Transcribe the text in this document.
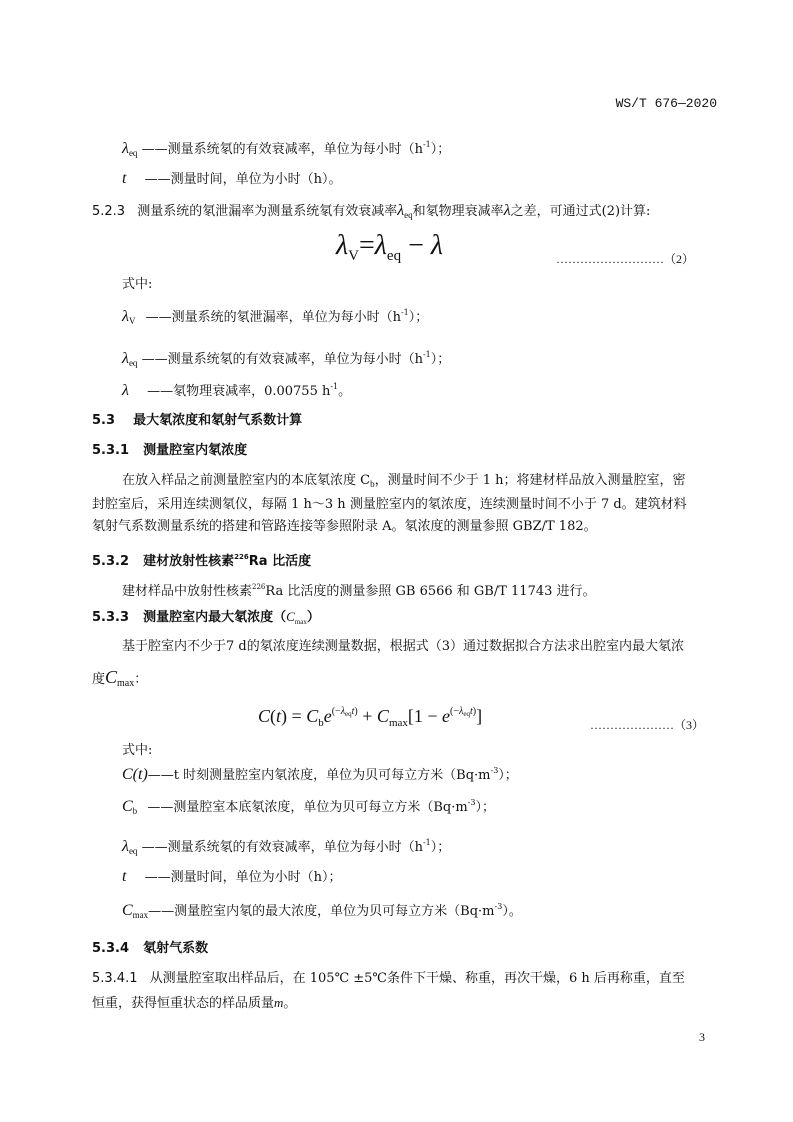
WS/T 676—2020
$\lambda_{eq}$ ——测量系统氡的有效衰减率，单位为每小时$(h^{-1})$；
t ——测量时间，单位为小时（h）。
5.2.3 测量系统的氡泄漏率为测量系统氡有效衰减率$\lambda_{eq}$和氡物理衰减率λ之差，可通过式(2)计算:
$\lambda_V=\lambda_{eq} - \lambda$	………………………（2）
式中:
$\lambda_V$ ——测量系统的氡泄漏率，单位为每小时$(h^{-1})$；
$\lambda_{eq}$ ——测量系统氡的有效衰减率，单位为每小时$(h^{-1})$；
λ ——氡物理衰减率，0.00755 $h^{-1}$。
5.3 最大氡浓度和氡射气系数计算
5.3.1 测量腔室内氡浓度
在放入样品之前测量腔室内的本底氡浓度 $C_b$，测量时间不少于 1 h；将建材样品放入测量腔室，密
封腔室后，采用连续测氡仪，每隔 1 h～3 h 测量腔室内的氡浓度，连续测量时间不小于 7 d。建筑材料
氡射气系数测量系统的搭建和管路连接等参照附录 A。氡浓度的测量参照 GBZ/T 182。
5.3.2 建材放射性核素$^{226}$Ra 比活度
建材样品中放射性核素$^{226}$Ra 比活度的测量参照 GB 6566 和 GB/T 11743 进行。
5.3.3 测量腔室内最大氡浓度$(C_{max})$
基于腔室内不少于7 d的氡浓度连续测量数据，根据式（3）通过数据拟合方法求出腔室内最大氡浓
度$C_{max}$：
$C(t) = C_be^{(-\lambda_{eq}t)} + C_{max}[1 - e^{(-\lambda_{eq}t)}]$	…………………（3）
式中:
C(t)——t 时刻测量腔室内氡浓度，单位为贝可每立方米$(Bq\cdot m^{-3})$；
$C_b$ ——测量腔室本底氡浓度，单位为贝可每立方米$(Bq\cdot m^{-3})$；
$\lambda_{eq}$ ——测量系统氡的有效衰减率，单位为每小时$(h^{-1})$；
t ——测量时间，单位为小时（h）；
$C_{max}——$测量腔室内氡的最大浓度，单位为贝可每立方米$(Bq\cdot m^{-3})$。
5.3.4 氡射气系数
5.3.4.1 从测量腔室取出样品后，在 105℃ ±5℃条件下干燥、称重，再次干燥，6 h 后再称重，直至
恒重，获得恒重状态的样品质量m。
3
